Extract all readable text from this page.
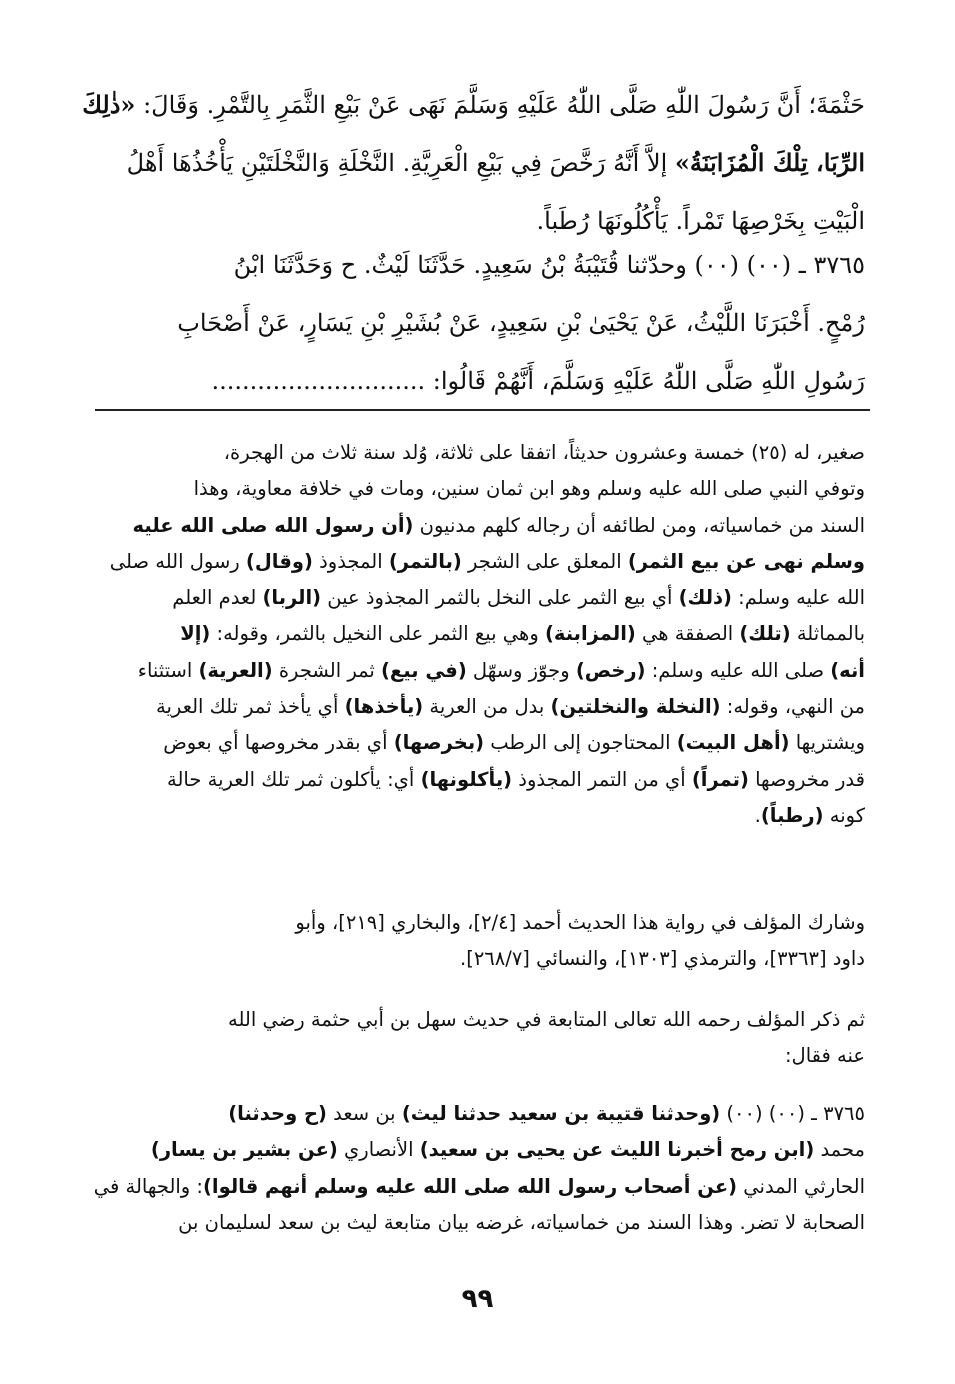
حَثْمَةَ؛ أَنَّ رَسُولَ اللّٰهِ صَلَّى اللّٰهُ عَلَيْهِ وَسَلَّمَ نَهَى عَنْ بَيْعِ الثَّمَرِ بِالتَّمْرِ. وَقَالَ: «ذٰلِكَ
الرِّبَا، تِلْكَ الْمُزَابَنَةُ» إلاَّ أَنَّهُ رَخَّصَ فِي بَيْعِ الْعَرِيَّةِ. النَّخْلَةِ وَالنَّخْلَتَيْنِ يَأْخُذُهَا أَهْلُ
الْبَيْتِ بِخَرْصِهَا تَمْراً. يَأْكُلُونَهَا رُطَباً.
٣٧٦٥ ـ (٠٠) (٠٠) وحدّثنا قُتَيْبَةُ بْنُ سَعِيدٍ. حَدَّثَنَا لَيْثٌ. ح وَحَدَّثَنَا ابْنُ
رُمْحٍ. أَخْبَرَنَا اللَّيْثُ، عَنْ يَحْيَىٰ بْنِ سَعِيدٍ، عَنْ بُشَيْرِ بْنِ يَسَارٍ، عَنْ أَصْحَابِ
رَسُولِ اللّٰهِ صَلَّى اللّٰهُ عَلَيْهِ وَسَلَّمَ، أَنَّهُمْ قَالُوا: ............................
صغير، له (٢٥) خمسة وعشرون حديثاً، اتفقا على ثلاثة، وُلد سنة ثلاث من الهجرة،
وتوفي النبي صلى الله عليه وسلم وهو ابن ثمان سنين، ومات في خلافة معاوية، وهذا
السند من خماسياته، ومن لطائفه أن رجاله كلهم مدنيون (أن رسول الله صلى الله عليه
وسلم نهى عن بيع الثمر) المعلق على الشجر (بالتمر) المجذوذ (وقال) رسول الله صلى
الله عليه وسلم: (ذلك) أي بيع الثمر على النخل بالثمر المجذوذ عين (الربا) لعدم العلم
بالمماثلة (تلك) الصفقة هي (المزابنة) وهي بيع الثمر على النخيل بالثمر، وقوله: (إلا
أنه) صلى الله عليه وسلم: (رخص) وجوّز وسهّل (في بيع) ثمر الشجرة (العرية) استثناء
من النهي، وقوله: (النخلة والنخلتين) بدل من العرية (يأخذها) أي يأخذ ثمر تلك العرية
ويشتريها (أهل البيت) المحتاجون إلى الرطب (بخرصها) أي بقدر مخروصها أي بعوض
قدر مخروصها (تمراً) أي من التمر المجذوذ (يأكلونها) أي: يأكلون ثمر تلك العرية حالة
كونه (رطباً).
وشارك المؤلف في رواية هذا الحديث أحمد [٢/٤]، والبخاري [٢١٩]، وأبو
داود [٣٣٦٣]، والترمذي [١٣٠٣]، والنسائي [٢٦٨/٧].
ثم ذكر المؤلف رحمه الله تعالى المتابعة في حديث سهل بن أبي حثمة رضي الله
عنه فقال:
٣٧٦٥ ـ (٠٠) (٠٠) (وحدثنا قتيبة بن سعيد حدثنا ليث) بن سعد (ح وحدثنا)
محمد (ابن رمح أخبرنا الليث عن يحيى بن سعيد) الأنصاري (عن بشير بن يسار)
الحارثي المدني (عن أصحاب رسول الله صلى الله عليه وسلم أنهم قالوا): والجهالة في
الصحابة لا تضر. وهذا السند من خماسياته، غرضه بيان متابعة ليث بن سعد لسليمان بن
٩٩
